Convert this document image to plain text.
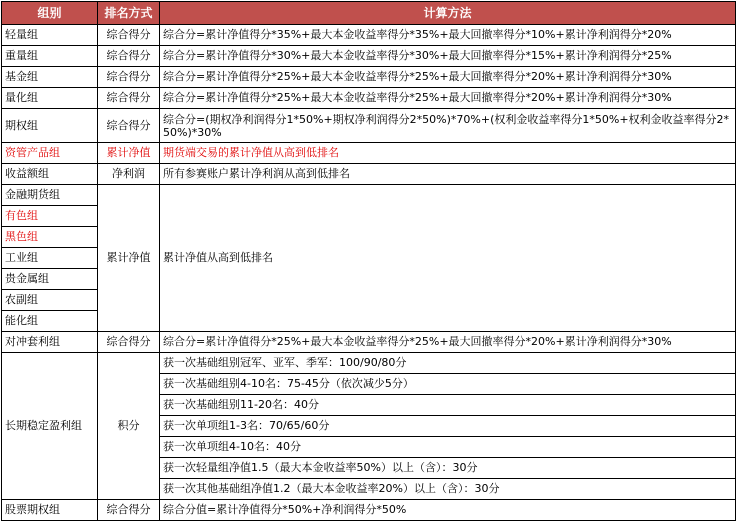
组别	排名方式	计算方法
轻量组	综合得分	综合分=累计净值得分*35%+最大本金收益率得分*35%+最大回撤率得分*10%+累计净利润得分*20%
重量组	综合得分	综合分=累计净值得分*30%+最大本金收益率得分*30%+最大回撤率得分*15%+累计净利润得分*25%
基金组	综合得分	综合分=累计净值得分*25%+最大本金收益率得分*25%+最大回撤率得分*20%+累计净利润得分*30%
量化组	综合得分	综合分=累计净值得分*25%+最大本金收益率得分*25%+最大回撤率得分*20%+累计净利润得分*30%
期权组	综合得分	综合分=(期权净利润得分1*50%+期权净利润得分2*50%)*70%+(权利金收益率得分1*50%+权利金收益率得分2*50%)*30%
资管产品组	累计净值	期货端交易的累计净值从高到低排名
收益额组	净利润	所有参赛账户累计净利润从高到低排名
金融期货组	累计净值	累计净值从高到低排名
有色组		
黑色组		
工业组		
贵金属组		
农副组		
能化组		
对冲套利组	综合得分	综合分=累计净值得分*25%+最大本金收益率得分*25%+最大回撤率得分*20%+累计净利润得分*30%
长期稳定盈利组	积分	获一次基础组别冠军、亚军、季军：100/90/80分
		获一次基础组别4-10名：75-45分（依次减少5分）
		获一次基础组别11-20名：40分
		获一次单项组1-3名：70/65/60分
		获一次单项组4-10名：40分
		获一次轻量组净值1.5（最大本金收益率50%）以上（含）：30分
		获一次其他基础组净值1.2（最大本金收益率20%）以上（含）：30分
股票期权组	综合得分	综合分值=累计净值得分*50%+净利润得分*50%
